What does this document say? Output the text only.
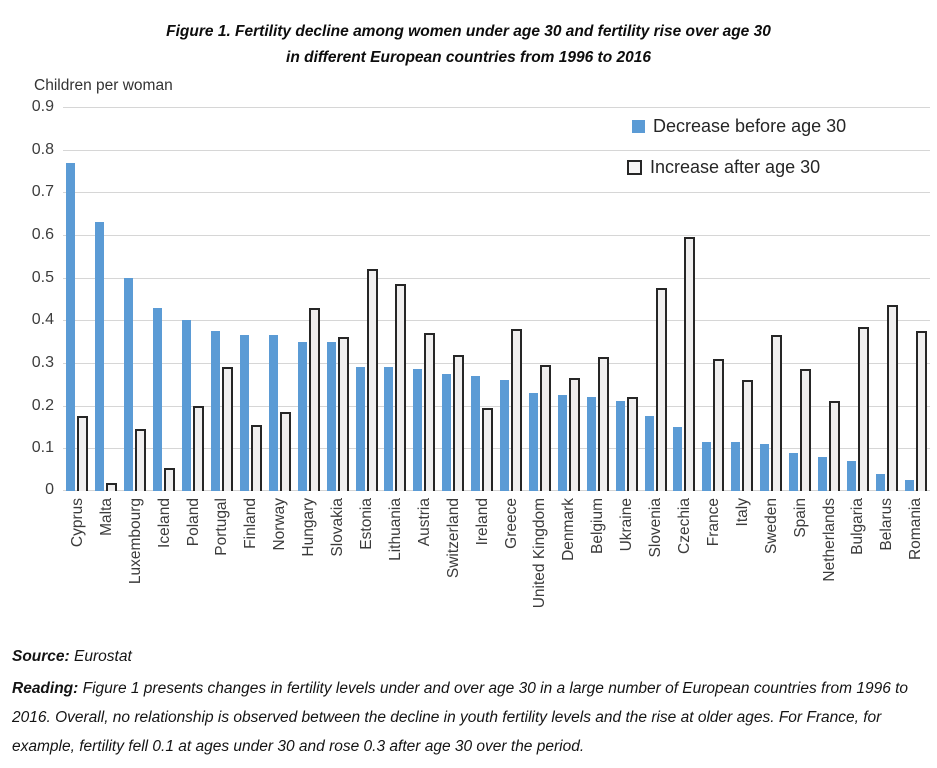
Figure 1. Fertility decline among women under age 30 and fertility rise over age 30
in different European countries from 1996 to 2016
Children per woman
0.9
0.8
0.7
0.6
0.5
0.4
0.3
0.2
0.1
0
Decrease before age 30
Increase after age 30
Cyprus Malta Luxembourg Iceland Poland Portugal Finland Norway Hungary Slovakia Estonia Lithuania Austria Switzerland Ireland Greece United Kingdom Denmark Belgium Ukraine Slovenia Czechia France Italy Sweden Spain Netherlands Bulgaria Belarus Romania

Source: Eurostat

Reading: Figure 1 presents changes in fertility levels under and over age 30 in a large number of European countries from 1996 to 2016. Overall, no relationship is observed between the decline in youth fertility levels and the rise at older ages. For France, for example, fertility fell 0.1 at ages under 30 and rose 0.3 after age 30 over the period.
